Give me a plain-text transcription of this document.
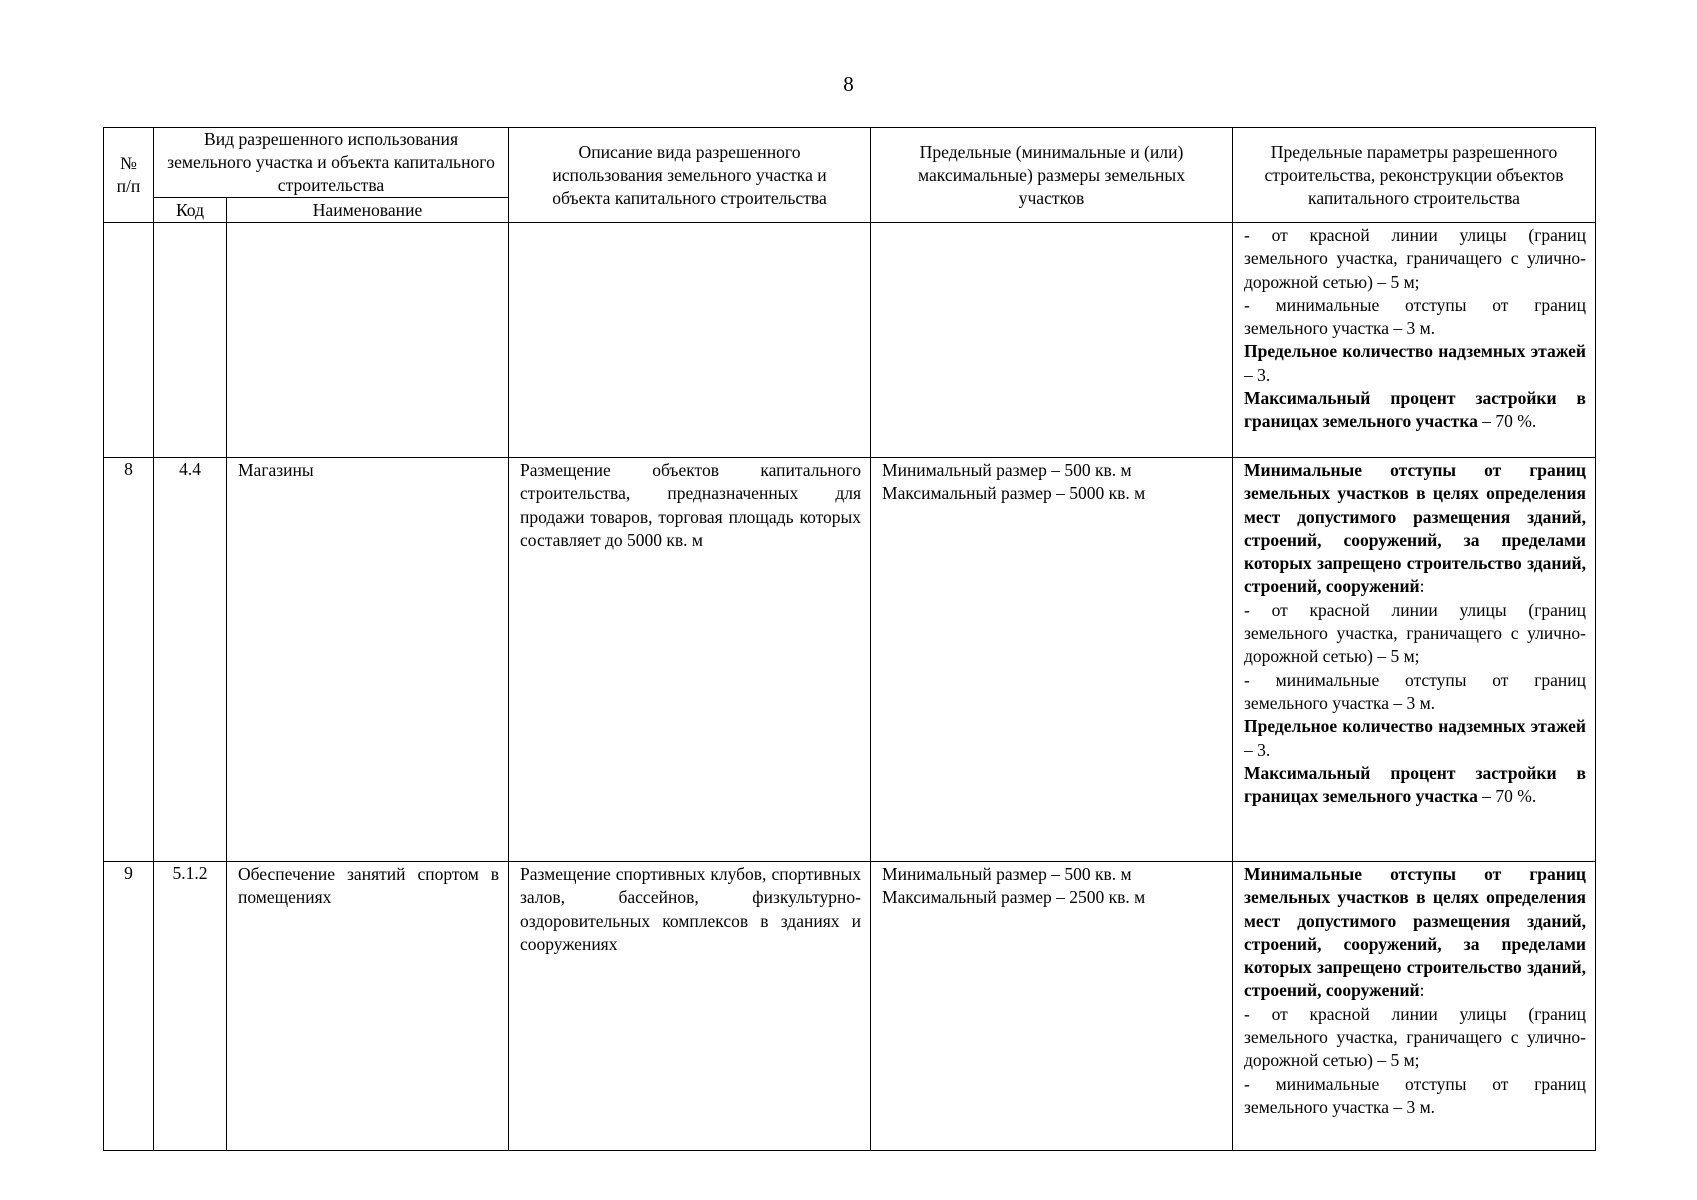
8
№ п/п	Вид разрешенного использования земельного участка и объекта капитального строительства		Описание вида разрешенного использования земельного участка и объекта капитального строительства	Предельные (минимальные и (или) максимальные) размеры земельных участков	Предельные параметры разрешенного строительства, реконструкции объектов капитального строительства
	Код	Наименование			

					- от красной линии улицы (границ земельного участка, граничащего с улично-дорожной сетью) – 5 м;
- минимальные отступы от границ земельного участка – 3 м.
Предельное количество надземных этажей – 3.
Максимальный процент застройки в границах земельного участка – 70 %.

8	4.4	Магазины	Размещение объектов капитального строительства, предназначенных для продажи товаров, торговая площадь которых составляет до 5000 кв. м	Минимальный размер – 500 кв. м
Максимальный размер – 5000 кв. м	Минимальные отступы от границ земельных участков в целях определения мест допустимого размещения зданий, строений, сооружений, за пределами которых запрещено строительство зданий, строений, сооружений:
- от красной линии улицы (границ земельного участка, граничащего с улично-дорожной сетью) – 5 м;
- минимальные отступы от границ земельного участка – 3 м.
Предельное количество надземных этажей – 3.
Максимальный процент застройки в границах земельного участка – 70 %.

9	5.1.2	Обеспечение занятий спортом в помещениях	Размещение спортивных клубов, спортивных залов, бассейнов, физкультурно-оздоровительных комплексов в зданиях и сооружениях	Минимальный размер – 500 кв. м
Максимальный размер – 2500 кв. м	Минимальные отступы от границ земельных участков в целях определения мест допустимого размещения зданий, строений, сооружений, за пределами которых запрещено строительство зданий, строений, сооружений:
- от красной линии улицы (границ земельного участка, граничащего с улично-дорожной сетью) – 5 м;
- минимальные отступы от границ земельного участка – 3 м.
